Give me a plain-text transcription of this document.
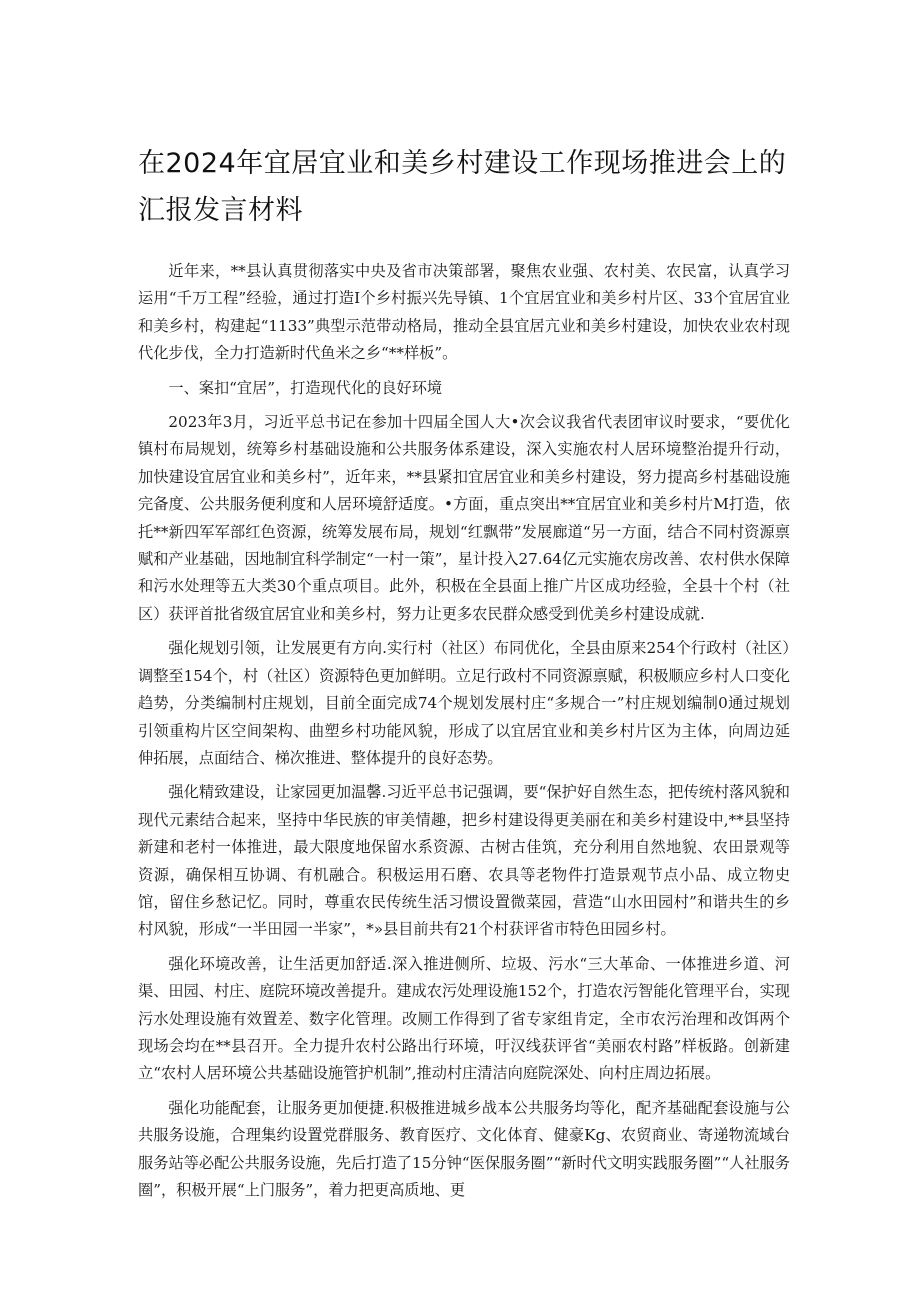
在2024年宜居宜业和美乡村建设工作现场推进会上的汇报发言材料

近年来，**县认真贯彻落实中央及省市决策部署，聚焦农业强、农村美、农民富，认真学习运用“千万工程”经验，通过打造Ⅰ个乡村振兴先导镇、1个宜居宜业和美乡村片区、33个宜居宜业和美乡村，构建起“1133”典型示范带动格局，推动全县宜居亢业和美乡村建设，加快农业农村现代化步伐，全力打造新时代鱼米之乡“**样板”。

一、案扣“宜居”，打造现代化的良好环境

2023年3月，习近平总书记在参加十四届全国人大•次会议我省代表团审议时要求，“要优化镇村布局规划，统筹乡村基础设施和公共服务体系建设，深入实施农村人居环境整治提升行动，加快建设宜居宜业和美乡村”，近年来，**县紧扣宜居宜业和美乡村建设，努力提高乡村基础设施完备度、公共服务便利度和人居环境舒适度。•方面，重点突出**宜居宜业和美乡村片M打造，依托**新四军军部红色资源，统筹发展布局，规划“红飘带”发展廊道“另一方面，结合不同村资源禀赋和产业基础，因地制宜科学制定“一村一策”，星计投入27.64亿元实施农房改善、农村供水保障和污水处理等五大类30个重点项目。此外，积极在全县面上推广片区成功经验，全县十个村（社区）获评首批省级宜居宜业和美乡村，努力让更多农民群众感受到优美乡村建设成就.

强化规划引领，让发展更有方向.实行村（社区）布同优化，全县由原来254个行政村（社区）调整至154个，村（社区）资源特色更加鲜明。立足行政村不同资源禀赋，积极顺应乡村人口变化趋势，分类编制村庄规划，目前全面完成74个规划发展村庄“多规合一”村庄规划编制0通过规划引领重构片区空间架构、曲塑乡村功能风貌，形成了以宜居宜业和美乡村片区为主体，向周边延伸拓展，点面结合、梯次推进、整体提升的良好态势。

强化精致建设，让家园更加温馨.习近平总书记强调，要“保护好自然生态，把传统村落风貌和现代元素结合起来，坚持中华民族的审美情趣，把乡村建设得更美丽在和美乡村建设中,**县坚持新建和老村一体推进，最大限度地保留水系资源、古树古佳筑，充分利用自然地貌、农田景观等资源，确保相互协调、有机融合。积极运用石磨、农具等老物件打造景观节点小品、成立物史馆，留住乡愁记忆。同时，尊重农民传统生活习惯设置微菜园，营造“山水田园村”和谐共生的乡村风貌，形成“一半田园一半家”，*»县目前共有21个村获评省市特色田园乡村。

强化环境改善，让生活更加舒适.深入推进侧所、垃圾、污水“三大革命、一体推进乡道、河渠、田园、村庄、庭院环境改善提升。建成农污处理设施152个，打造农污智能化管理平台，实现污水处理设施有效置差、数字化管理。改厕工作得到了省专家组肯定，全市农污治理和改饵两个现场会均在**县召开。全力提升农村公路出行环境，吁汉线获评省“美丽农村路”样板路。创新建立“农村人居环境公共基础设施管护机制”,推动村庄清洁向庭院深处、向村庄周边拓展。

强化功能配套，让服务更加便捷.积极推进城乡战本公共服务均等化，配齐基础配套设施与公共服务设施，合理集约设置党群服务、教育医疗、文化体育、健豪Kg、农贸商业、寄递物流域台服务站等必配公共服务设施，先后打造了15分钟“医保服务圈”“新时代文明实践服务圈”“人社服务圈”，积极开展“上门服务”，着力把更高质地、更
